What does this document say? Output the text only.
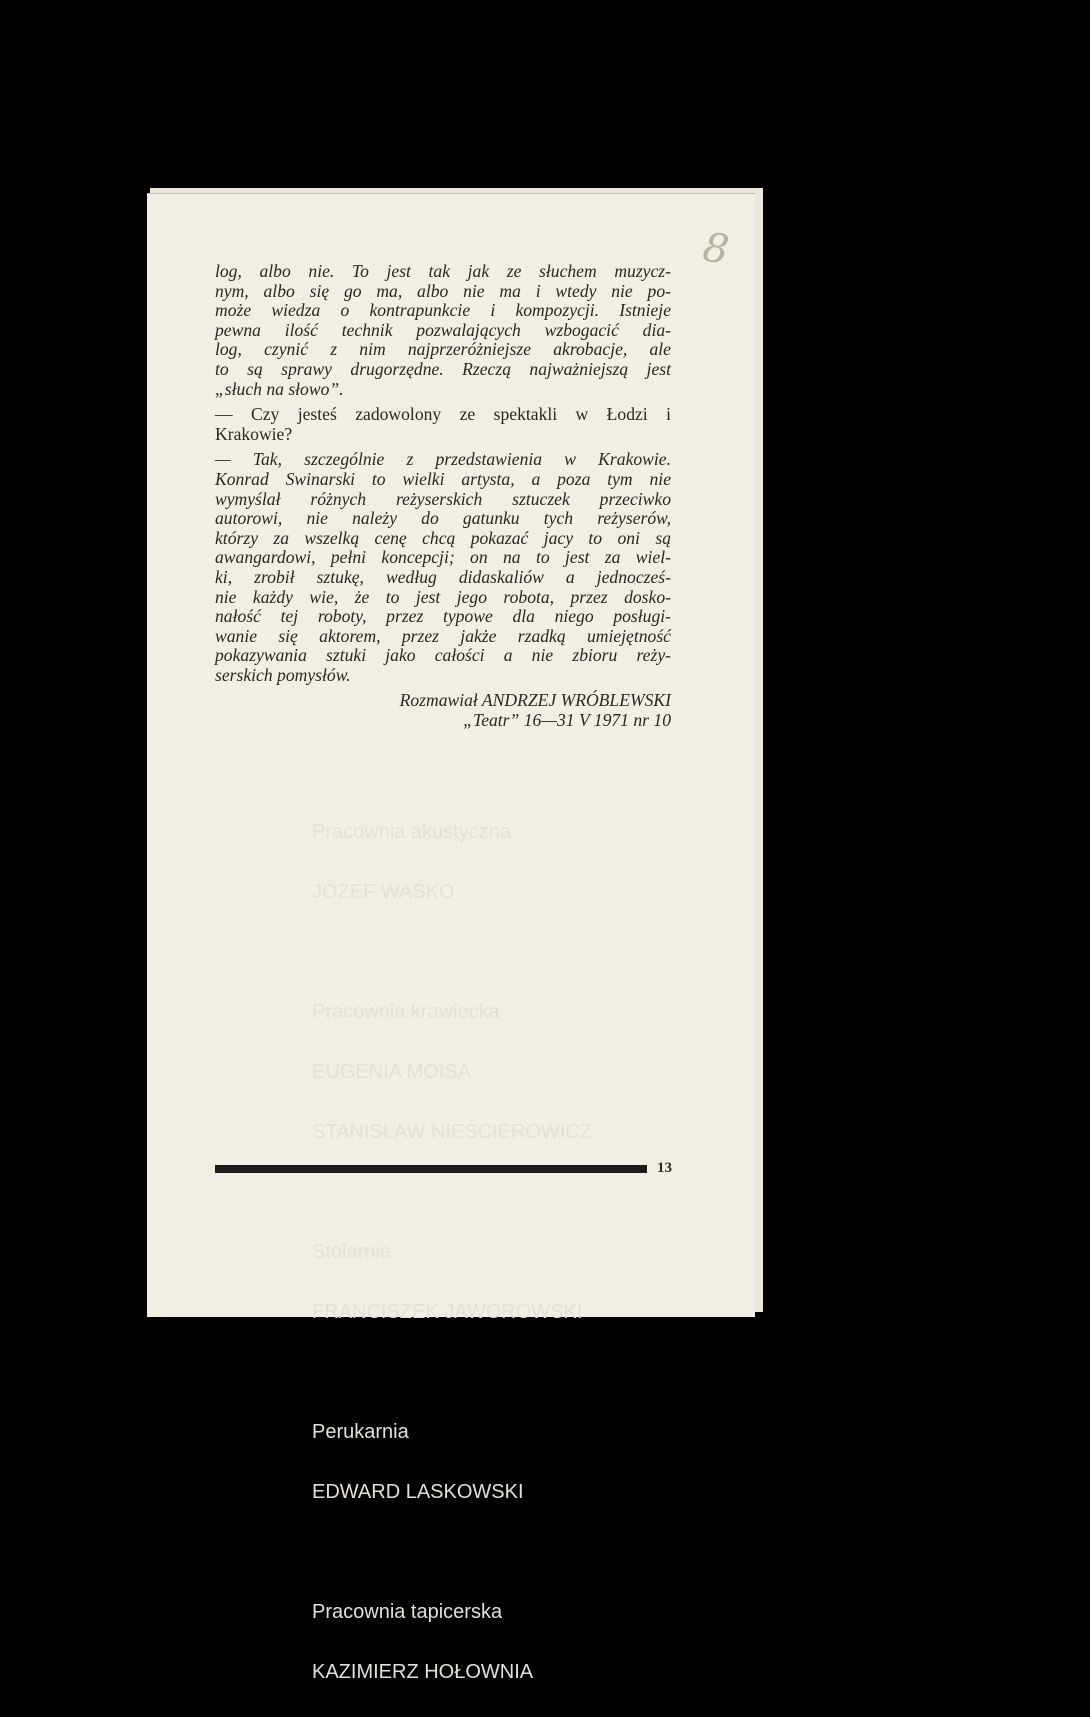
8

Pracownia akustyczna

JÓZEF WAŚKO

Pracownia krawiecka

EUGENIA MOISA

STANISŁAW NIEŚCIEROWICZ

Stolarnia

FRANCISZEK JAWOROWSKI

Perukarnia

EDWARD LASKOWSKI

Pracownia tapicerska

KAZIMIERZ HOŁOWNIA

log, albo nie. To jest tak jak ze słuchem muzycz-
nym, albo się go ma, albo nie ma i wtedy nie po-
może wiedza o kontrapunkcie i kompozycji. Istnieje
pewna ilość technik pozwalających wzbogacić dia-
log, czynić z nim najprzeróżniejsze akrobacje, ale
to są sprawy drugorzędne. Rzeczą najważniejszą jest
„słuch na słowo”.
— Czy jesteś zadowolony ze spektakli w Łodzi i
Krakowie?
— Tak, szczególnie z przedstawienia w Krakowie.
Konrad Swinarski to wielki artysta, a poza tym nie
wymyślał różnych reżyserskich sztuczek przeciwko
autorowi, nie należy do gatunku tych reżyserów,
którzy za wszelką cenę chcą pokazać jacy to oni są
awangardowi, pełni koncepcji; on na to jest za wiel-
ki, zrobił sztukę, według didaskaliów a jednocześ-
nie każdy wie, że to jest jego robota, przez dosko-
nałość tej roboty, przez typowe dla niego posługi-
wanie się aktorem, przez jakże rzadką umiejętność
pokazywania sztuki jako całości a nie zbioru reży-
serskich pomysłów.
Rozmawiał ANDRZEJ WRÓBLEWSKI
„Teatr” 16—31 V 1971 nr 10
13
